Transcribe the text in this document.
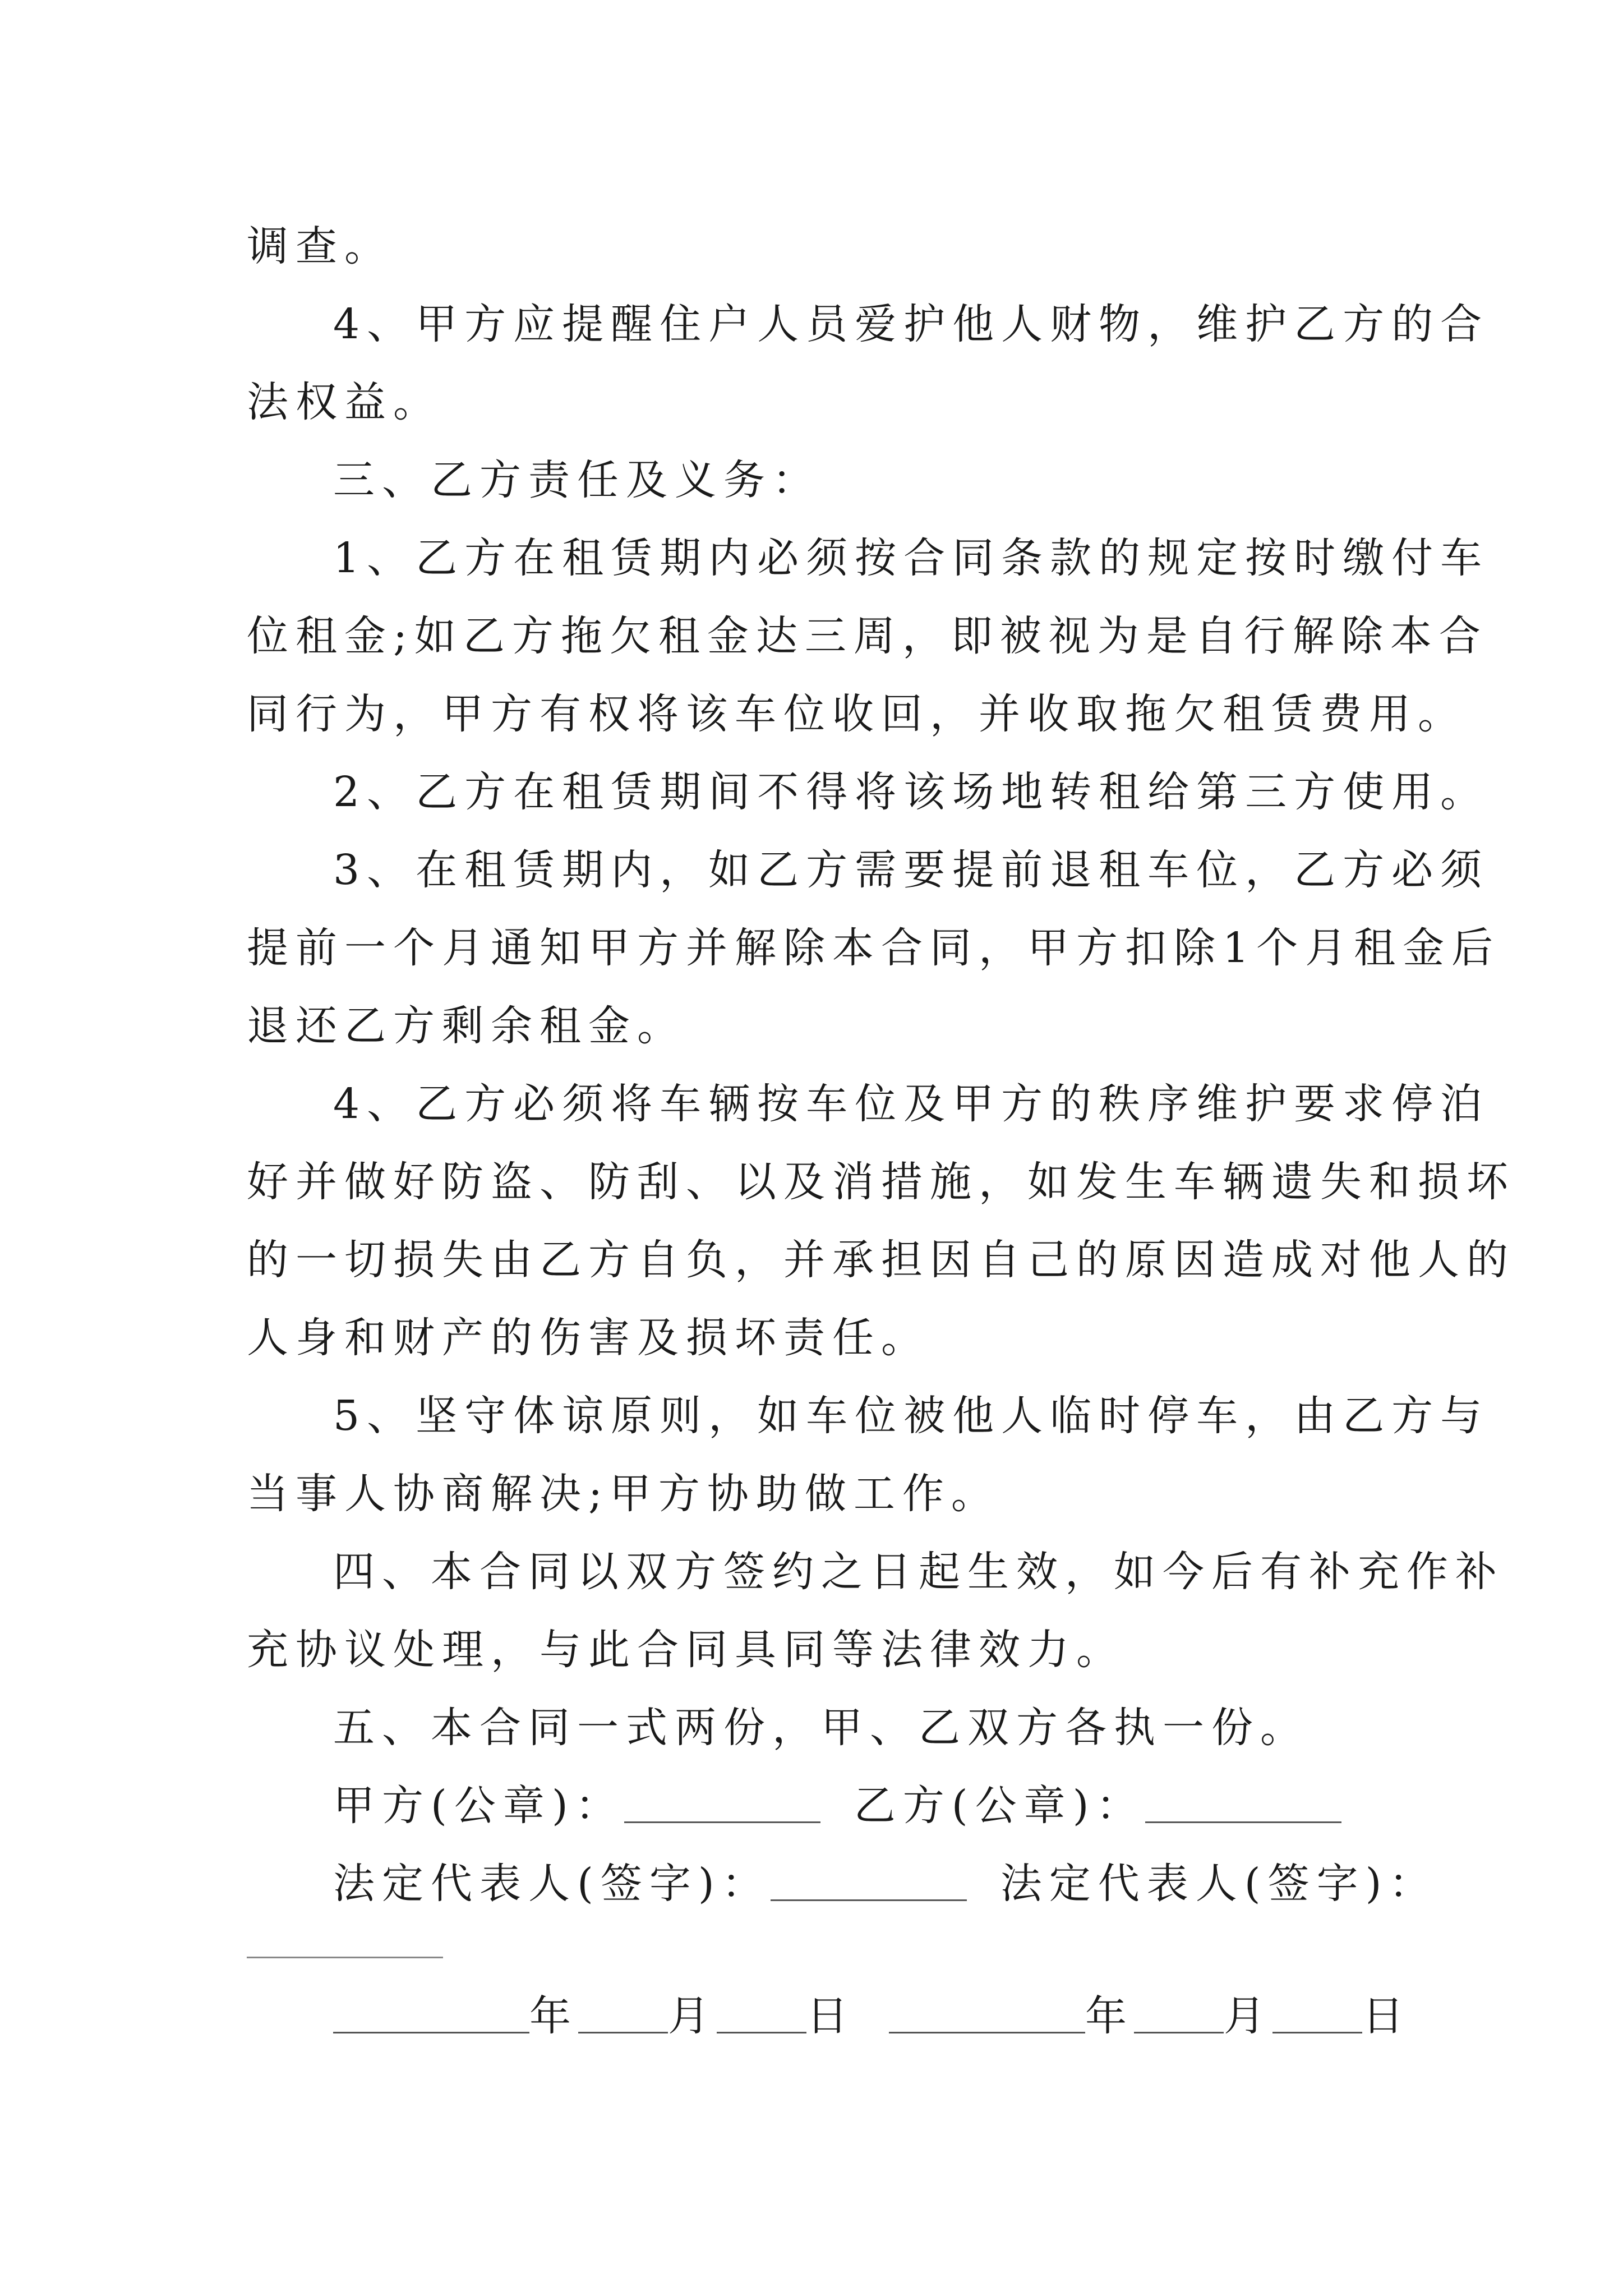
调查。
4、甲方应提醒住户人员爱护他人财物，维护乙方的合
法权益。
三、乙方责任及义务：
1、乙方在租赁期内必须按合同条款的规定按时缴付车
位租金;如乙方拖欠租金达三周，即被视为是自行解除本合
同行为，甲方有权将该车位收回，并收取拖欠租赁费用。
2、乙方在租赁期间不得将该场地转租给第三方使用。
3、在租赁期内，如乙方需要提前退租车位，乙方必须
提前一个月通知甲方并解除本合同，甲方扣除1个月租金后
退还乙方剩余租金。
4、乙方必须将车辆按车位及甲方的秩序维护要求停泊
好并做好防盗、防刮、以及消措施，如发生车辆遗失和损坏
的一切损失由乙方自负，并承担因自己的原因造成对他人的
人身和财产的伤害及损坏责任。
5、坚守体谅原则，如车位被他人临时停车，由乙方与
当事人协商解决;甲方协助做工作。
四、本合同以双方签约之日起生效，如今后有补充作补
充协议处理，与此合同具同等法律效力。
五、本合同一式两份，甲、乙双方各执一份。
甲方(公章)：	乙方(公章)：
法定代表人(签字)：	法定代表人(签字)：
年 月 日	年 月 日
